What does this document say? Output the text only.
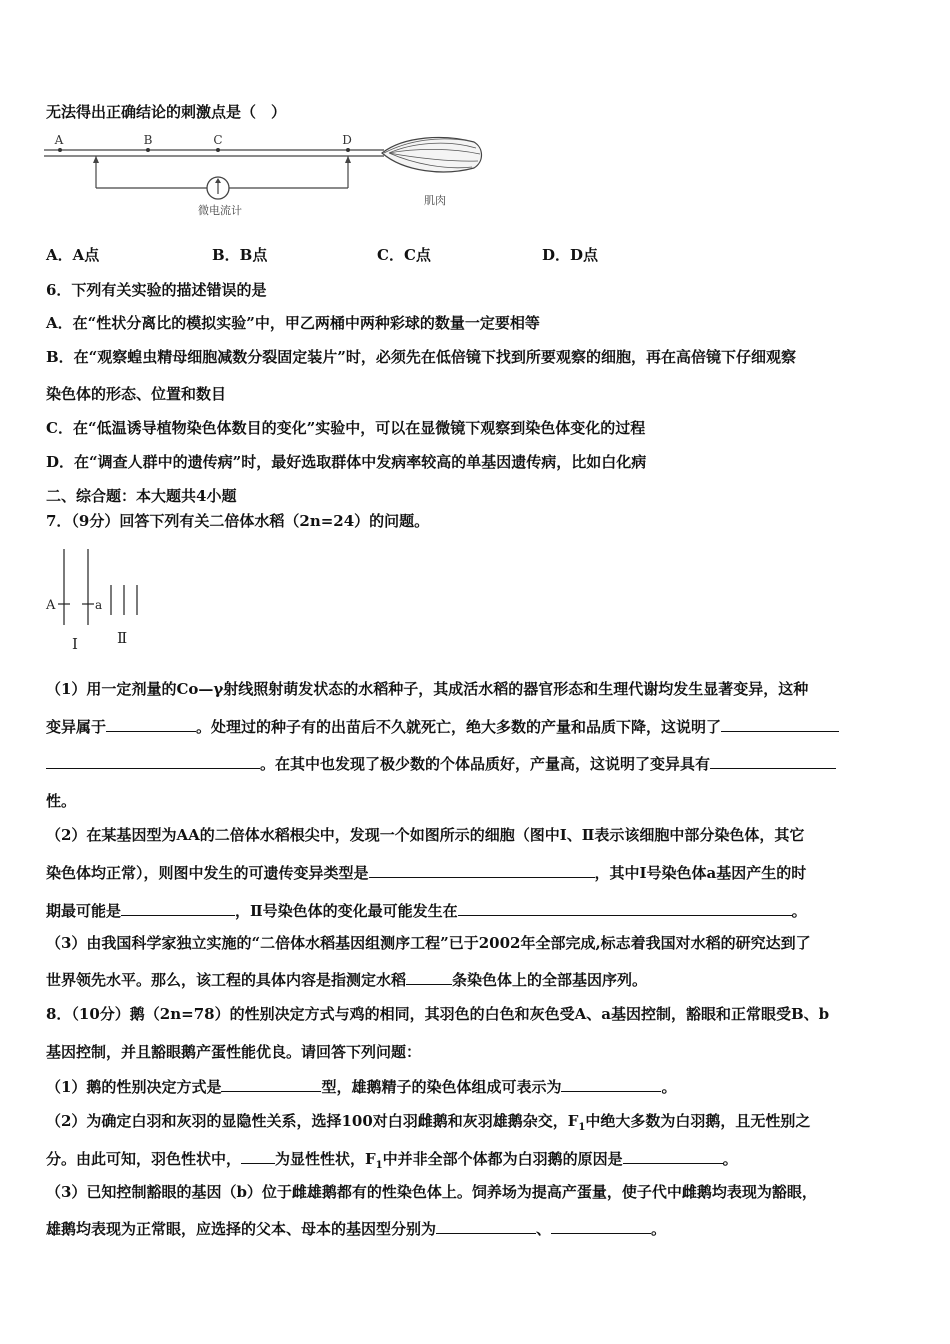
无法得出正确结论的刺激点是（　）
A	B	C	D
微电流计
肌肉
A．A点	B．B点	C．C点	D．D点
6．下列有关实验的描述错误的是
A．在“性状分离比的模拟实验”中，甲乙两桶中两种彩球的数量一定要相等
B．在“观察蝗虫精母细胞减数分裂固定装片”时，必须先在低倍镜下找到所要观察的细胞，再在高倍镜下仔细观察
染色体的形态、位置和数目
C．在“低温诱导植物染色体数目的变化”实验中，可以在显微镜下观察到染色体变化的过程
D．在“调查人群中的遗传病”时，最好选取群体中发病率较高的单基因遗传病，比如白化病
二、综合题：本大题共4小题
7．（9分）回答下列有关二倍体水稻（2n=24）的问题。
A	a
Ⅰ	Ⅱ
（1）用一定剂量的Co—γ射线照射萌发状态的水稻种子，其成活水稻的器官形态和生理代谢均发生显著变异，这种
变异属于	。处理过的种子有的出苗后不久就死亡，绝大多数的产量和品质下降，这说明了
。在其中也发现了极少数的个体品质好，产量高，这说明了变异具有
性。
（2）在某基因型为AA的二倍体水稻根尖中，发现一个如图所示的细胞（图中Ⅰ、Ⅱ表示该细胞中部分染色体，其它
染色体均正常），则图中发生的可遗传变异类型是	，其中Ⅰ号染色体a基因产生的时
期最可能是	，Ⅱ号染色体的变化最可能发生在	。
（3）由我国科学家独立实施的“二倍体水稻基因组测序工程”已于2002年全部完成,标志着我国对水稻的研究达到了
世界领先水平。那么，该工程的具体内容是指测定水稻	条染色体上的全部基因序列。
8．（10分）鹅（2n=78）的性别决定方式与鸡的相同，其羽色的白色和灰色受A、a基因控制，豁眼和正常眼受B、b
基因控制，并且豁眼鹅产蛋性能优良。请回答下列问题：
（1）鹅的性别决定方式是	型，雄鹅精子的染色体组成可表示为	。
（2）为确定白羽和灰羽的显隐性关系，选择100对白羽雌鹅和灰羽雄鹅杂交，$F_1$中绝大多数为白羽鹅，且无性别之
分。由此可知，羽色性状中， 为显性性状，$F_1$中并非全部个体都为白羽鹅的原因是	。
（3）已知控制豁眼的基因（b）位于雌雄鹅都有的性染色体上。饲养场为提高产蛋量，使子代中雌鹅均表现为豁眼，
雄鹅均表现为正常眼，应选择的父本、母本的基因型分别为	、	。
